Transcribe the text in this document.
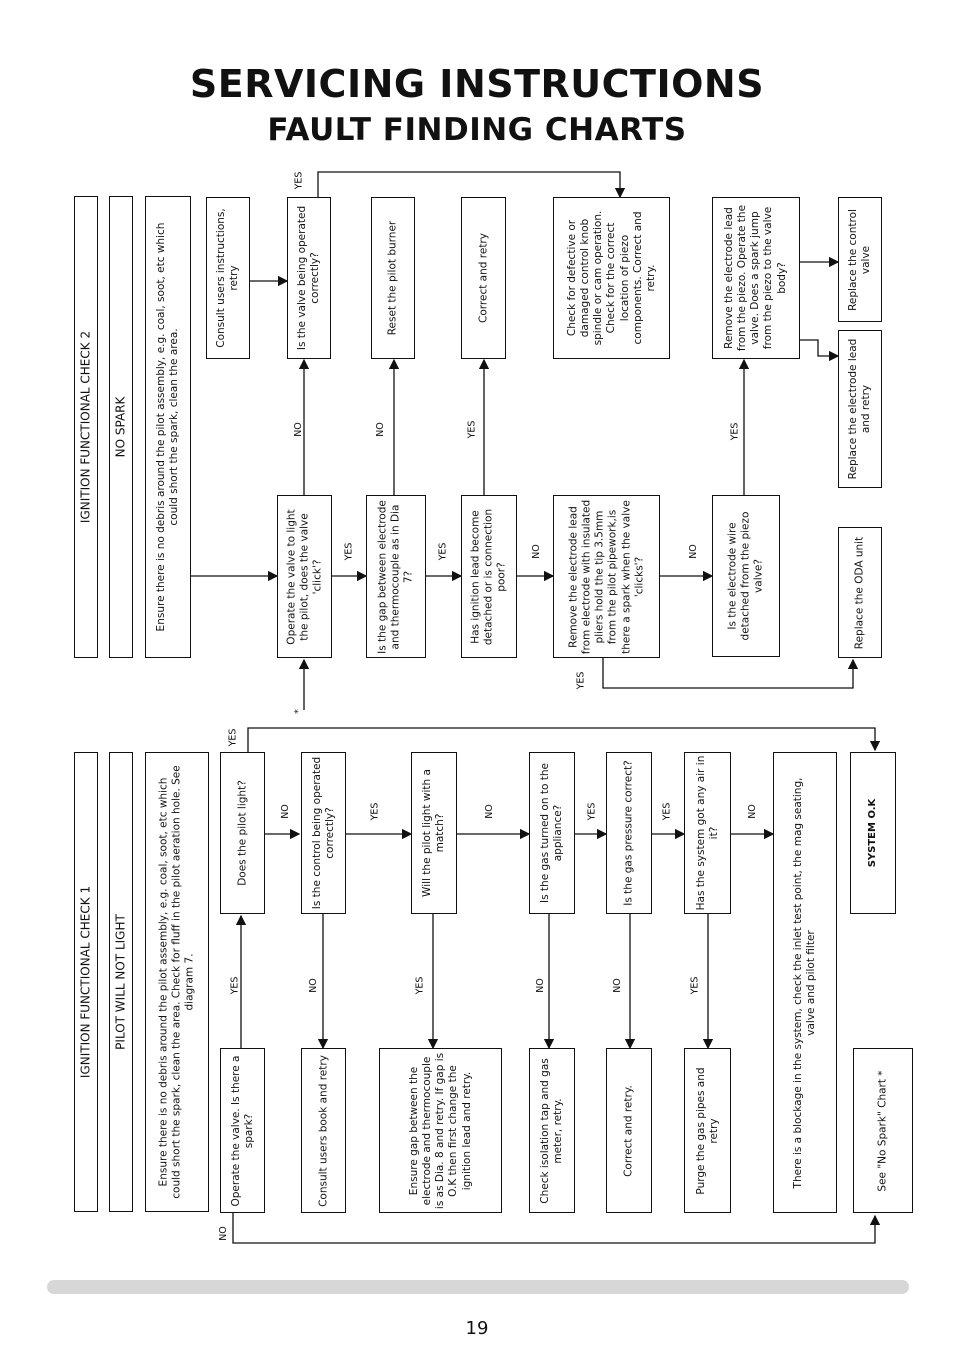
SERVICING INSTRUCTIONS
FAULT FINDING CHARTS
IGNITION FUNCTIONAL CHECK 2 NO SPARK	Ensure there is no debris around the pilot assembly, e.g. coal, soot, etc which could short the spark, clean the area.
Operate the valve to light the pilot, does the valve 'click'?
Consult users instructions, retry	Is the valve being operated correctly?
Is the gap between electrode and thermocouple as in Dia 7?
Reset the pilot burner
Has ignition lead become detached or is connection poor?
Correct and retry
Remove the electrode lead from electrode with insulated pliers hold the tip 3.5mm from the pilot pipework,is there a spark when the valve 'clicks'?
Check for defective or damaged control knob spindle or cam operation. Check for the correct location of piezo components. Correct and retry.
Is the electrode wire detached from the piezo valve?
Remove the electrode lead from the piezo. Operate the valve. Does a spark jump from the piezo to the valve body?	Replace the control valve
Replace the electrode lead and retry
Replace the ODA unit
YES
NO	NO	YES	YES
YES	YES	NO	NO
YES
*
IGNITION FUNCTIONAL CHECK 1 PILOT WILL NOT LIGHT	Ensure there is no debris around the pilot assembly, e.g. coal, soot, etc which could short the spark, clean the area. Check for fluff in the pilot aeration hole. See diagram 7.
Operate the valve. Is there a spark?
Does the pilot light?
Consult users book and retry
Is the control being operated correctly?
Ensure gap between the electrode and thermocouple is as Dia. 8 and retry. If gap is O.K then first change the ignition lead and retry.
Will the pilot light with a match?
Check isolation tap and gas meter, retry.
Is the gas turned on to the appliance?
Correct and retry.
Is the gas pressure correct?
Purge the gas pipes and retry
Has the system got any air in it?	There is a blockage in the system, check the inlet test point, the mag seating, valve and pilot filter
SYSTEM O.K
See "No Spark" Chart *
YES
NO	YES	NO	YES	YES	NO
YES	NO	YES	NO	NO	YES
NO
19
